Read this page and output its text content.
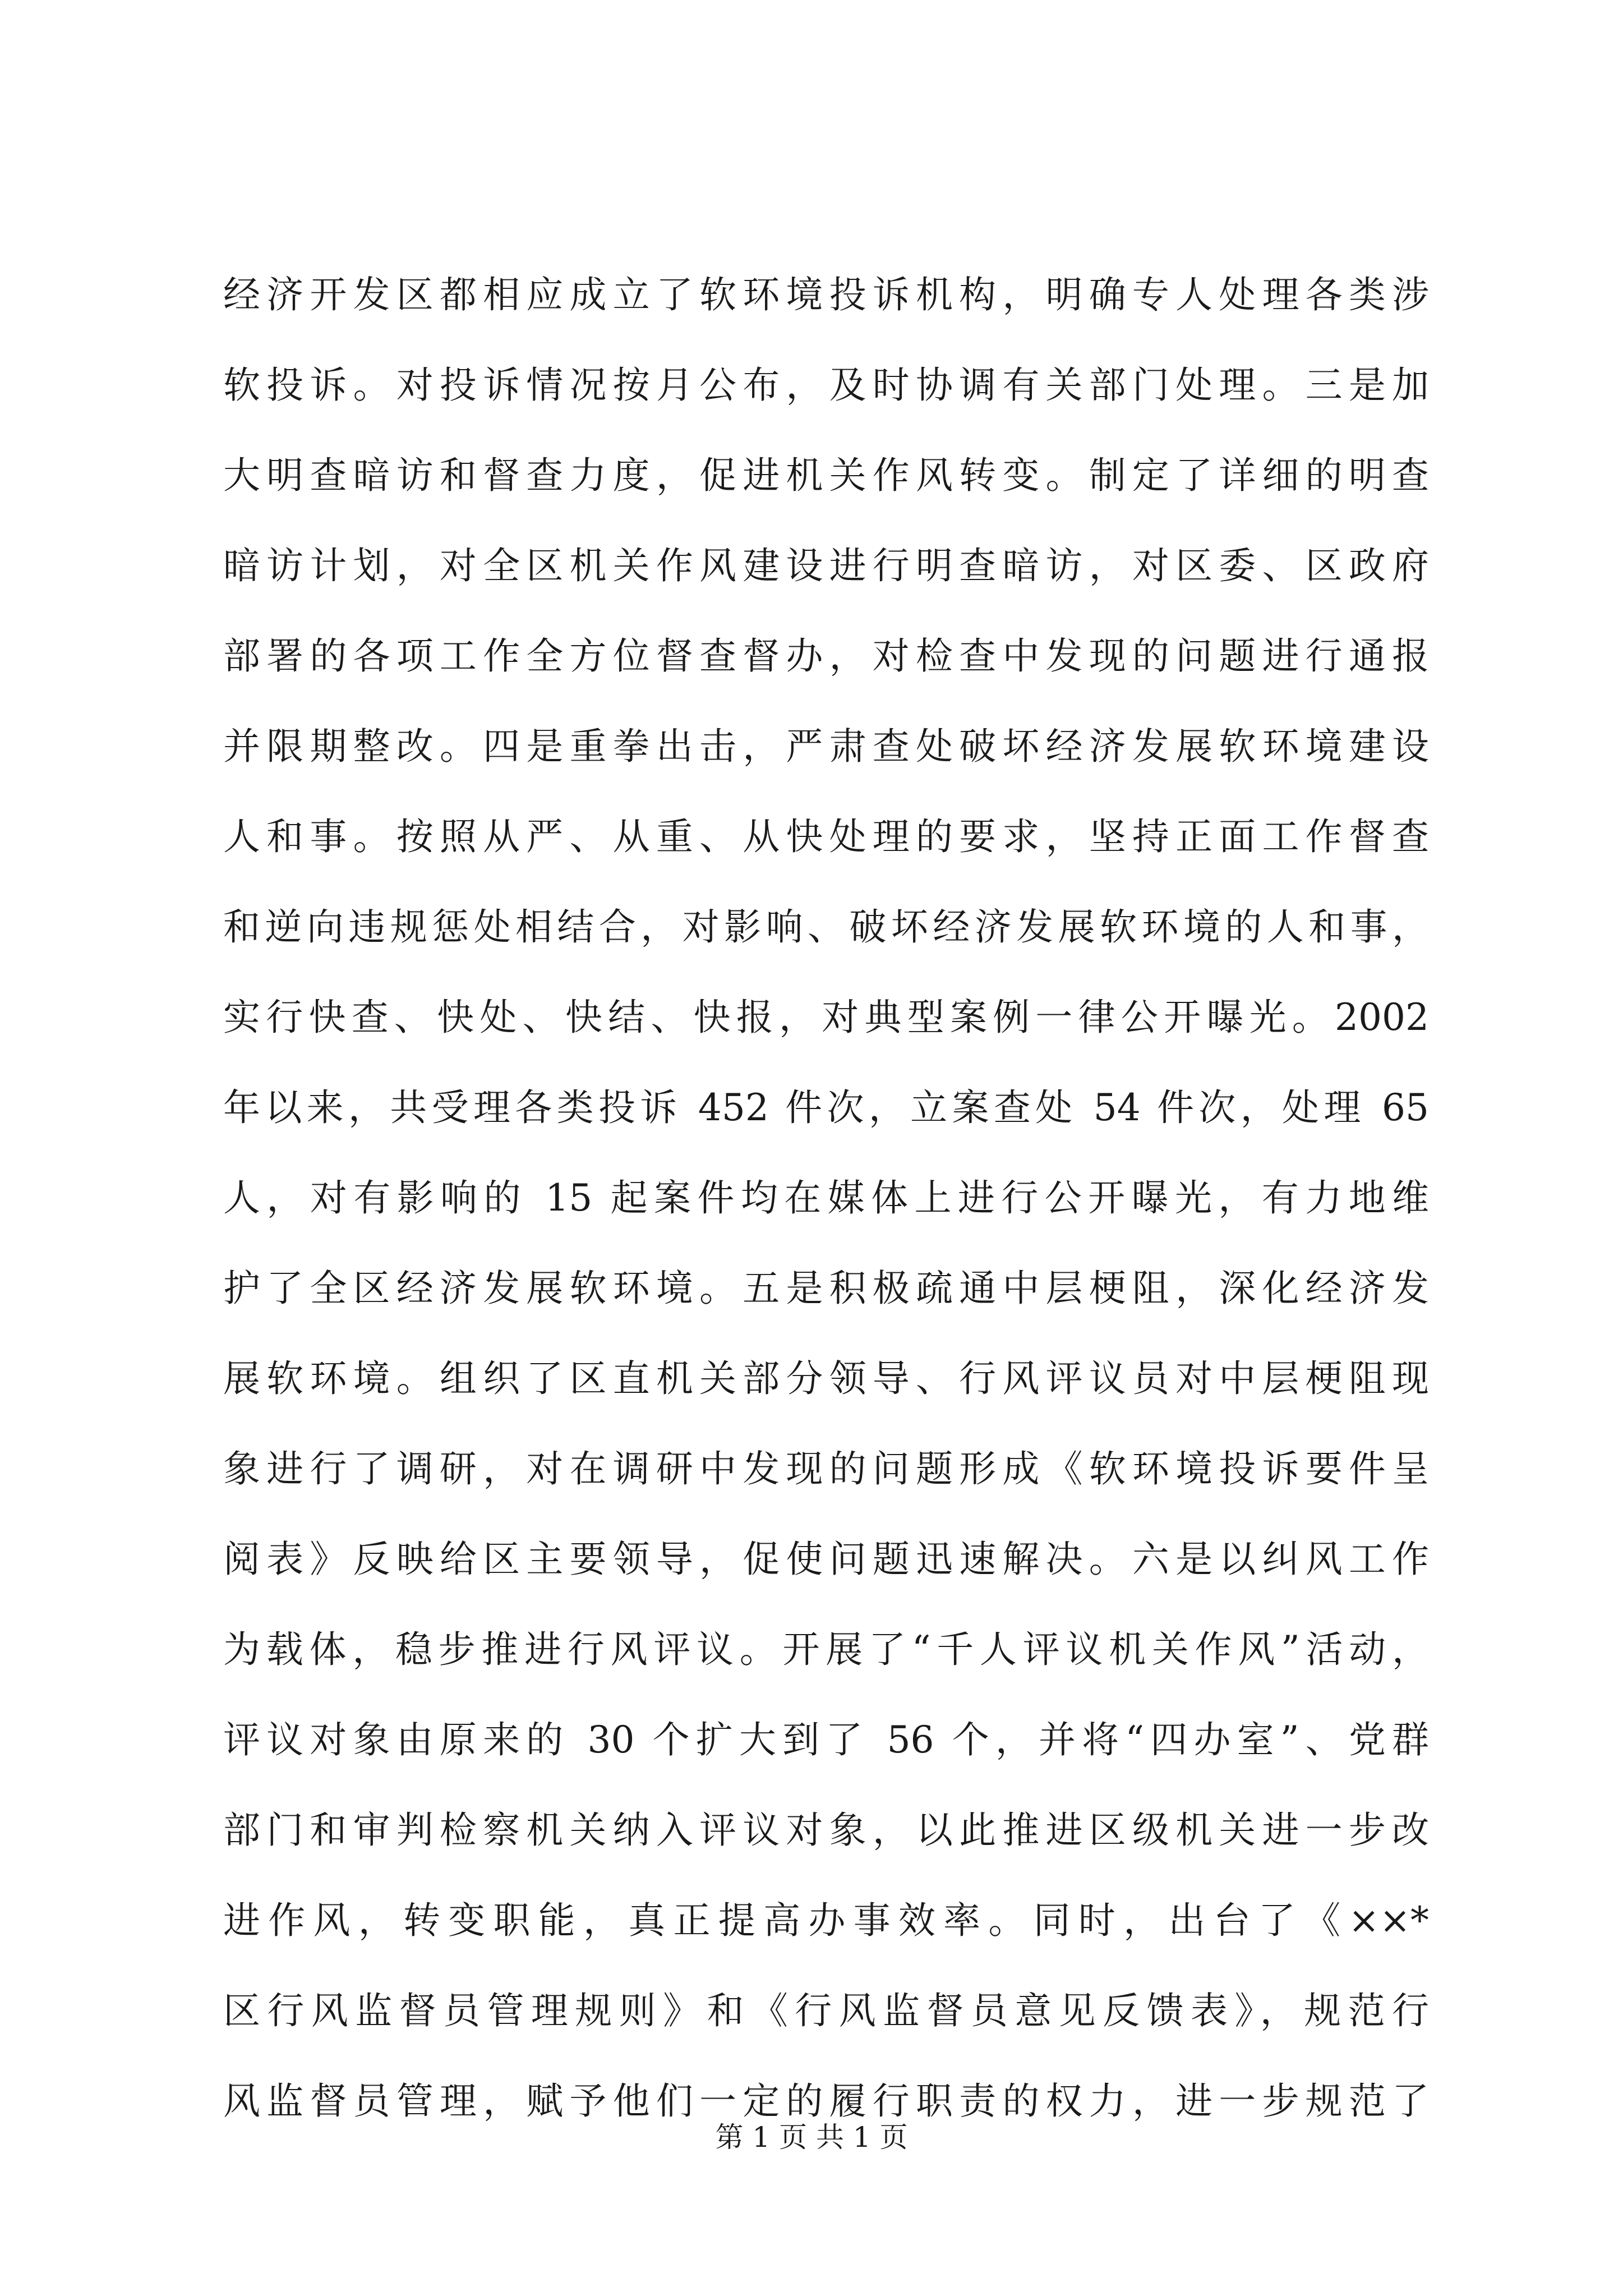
经济开发区都相应成立了软环境投诉机构，明确专人处理各类涉
软投诉。对投诉情况按月公布，及时协调有关部门处理。三是加
大明查暗访和督查力度，促进机关作风转变。制定了详细的明查
暗访计划，对全区机关作风建设进行明查暗访，对区委、区政府
部署的各项工作全方位督查督办，对检查中发现的问题进行通报
并限期整改。四是重拳出击，严肃查处破坏经济发展软环境建设
人和事。按照从严、从重、从快处理的要求，坚持正面工作督查
和逆向违规惩处相结合，对影响、破坏经济发展软环境的人和事，
实行快查、快处、快结、快报，对典型案例一律公开曝光。2002
年以来，共受理各类投诉 452 件次，立案查处 54 件次，处理 65
人，对有影响的 15 起案件均在媒体上进行公开曝光，有力地维
护了全区经济发展软环境。五是积极疏通中层梗阻，深化经济发
展软环境。组织了区直机关部分领导、行风评议员对中层梗阻现
象进行了调研，对在调研中发现的问题形成《软环境投诉要件呈
阅表》反映给区主要领导，促使问题迅速解决。六是以纠风工作
为载体，稳步推进行风评议。开展了“千人评议机关作风”活动，
评议对象由原来的 30 个扩大到了 56 个，并将“四办室”、党群
部门和审判检察机关纳入评议对象，以此推进区级机关进一步改
进作风，转变职能，真正提高办事效率。同时，出台了《××*
区行风监督员管理规则》和《行风监督员意见反馈表》，规范行
风监督员管理，赋予他们一定的履行职责的权力，进一步规范了
第 1 页 共 1 页
